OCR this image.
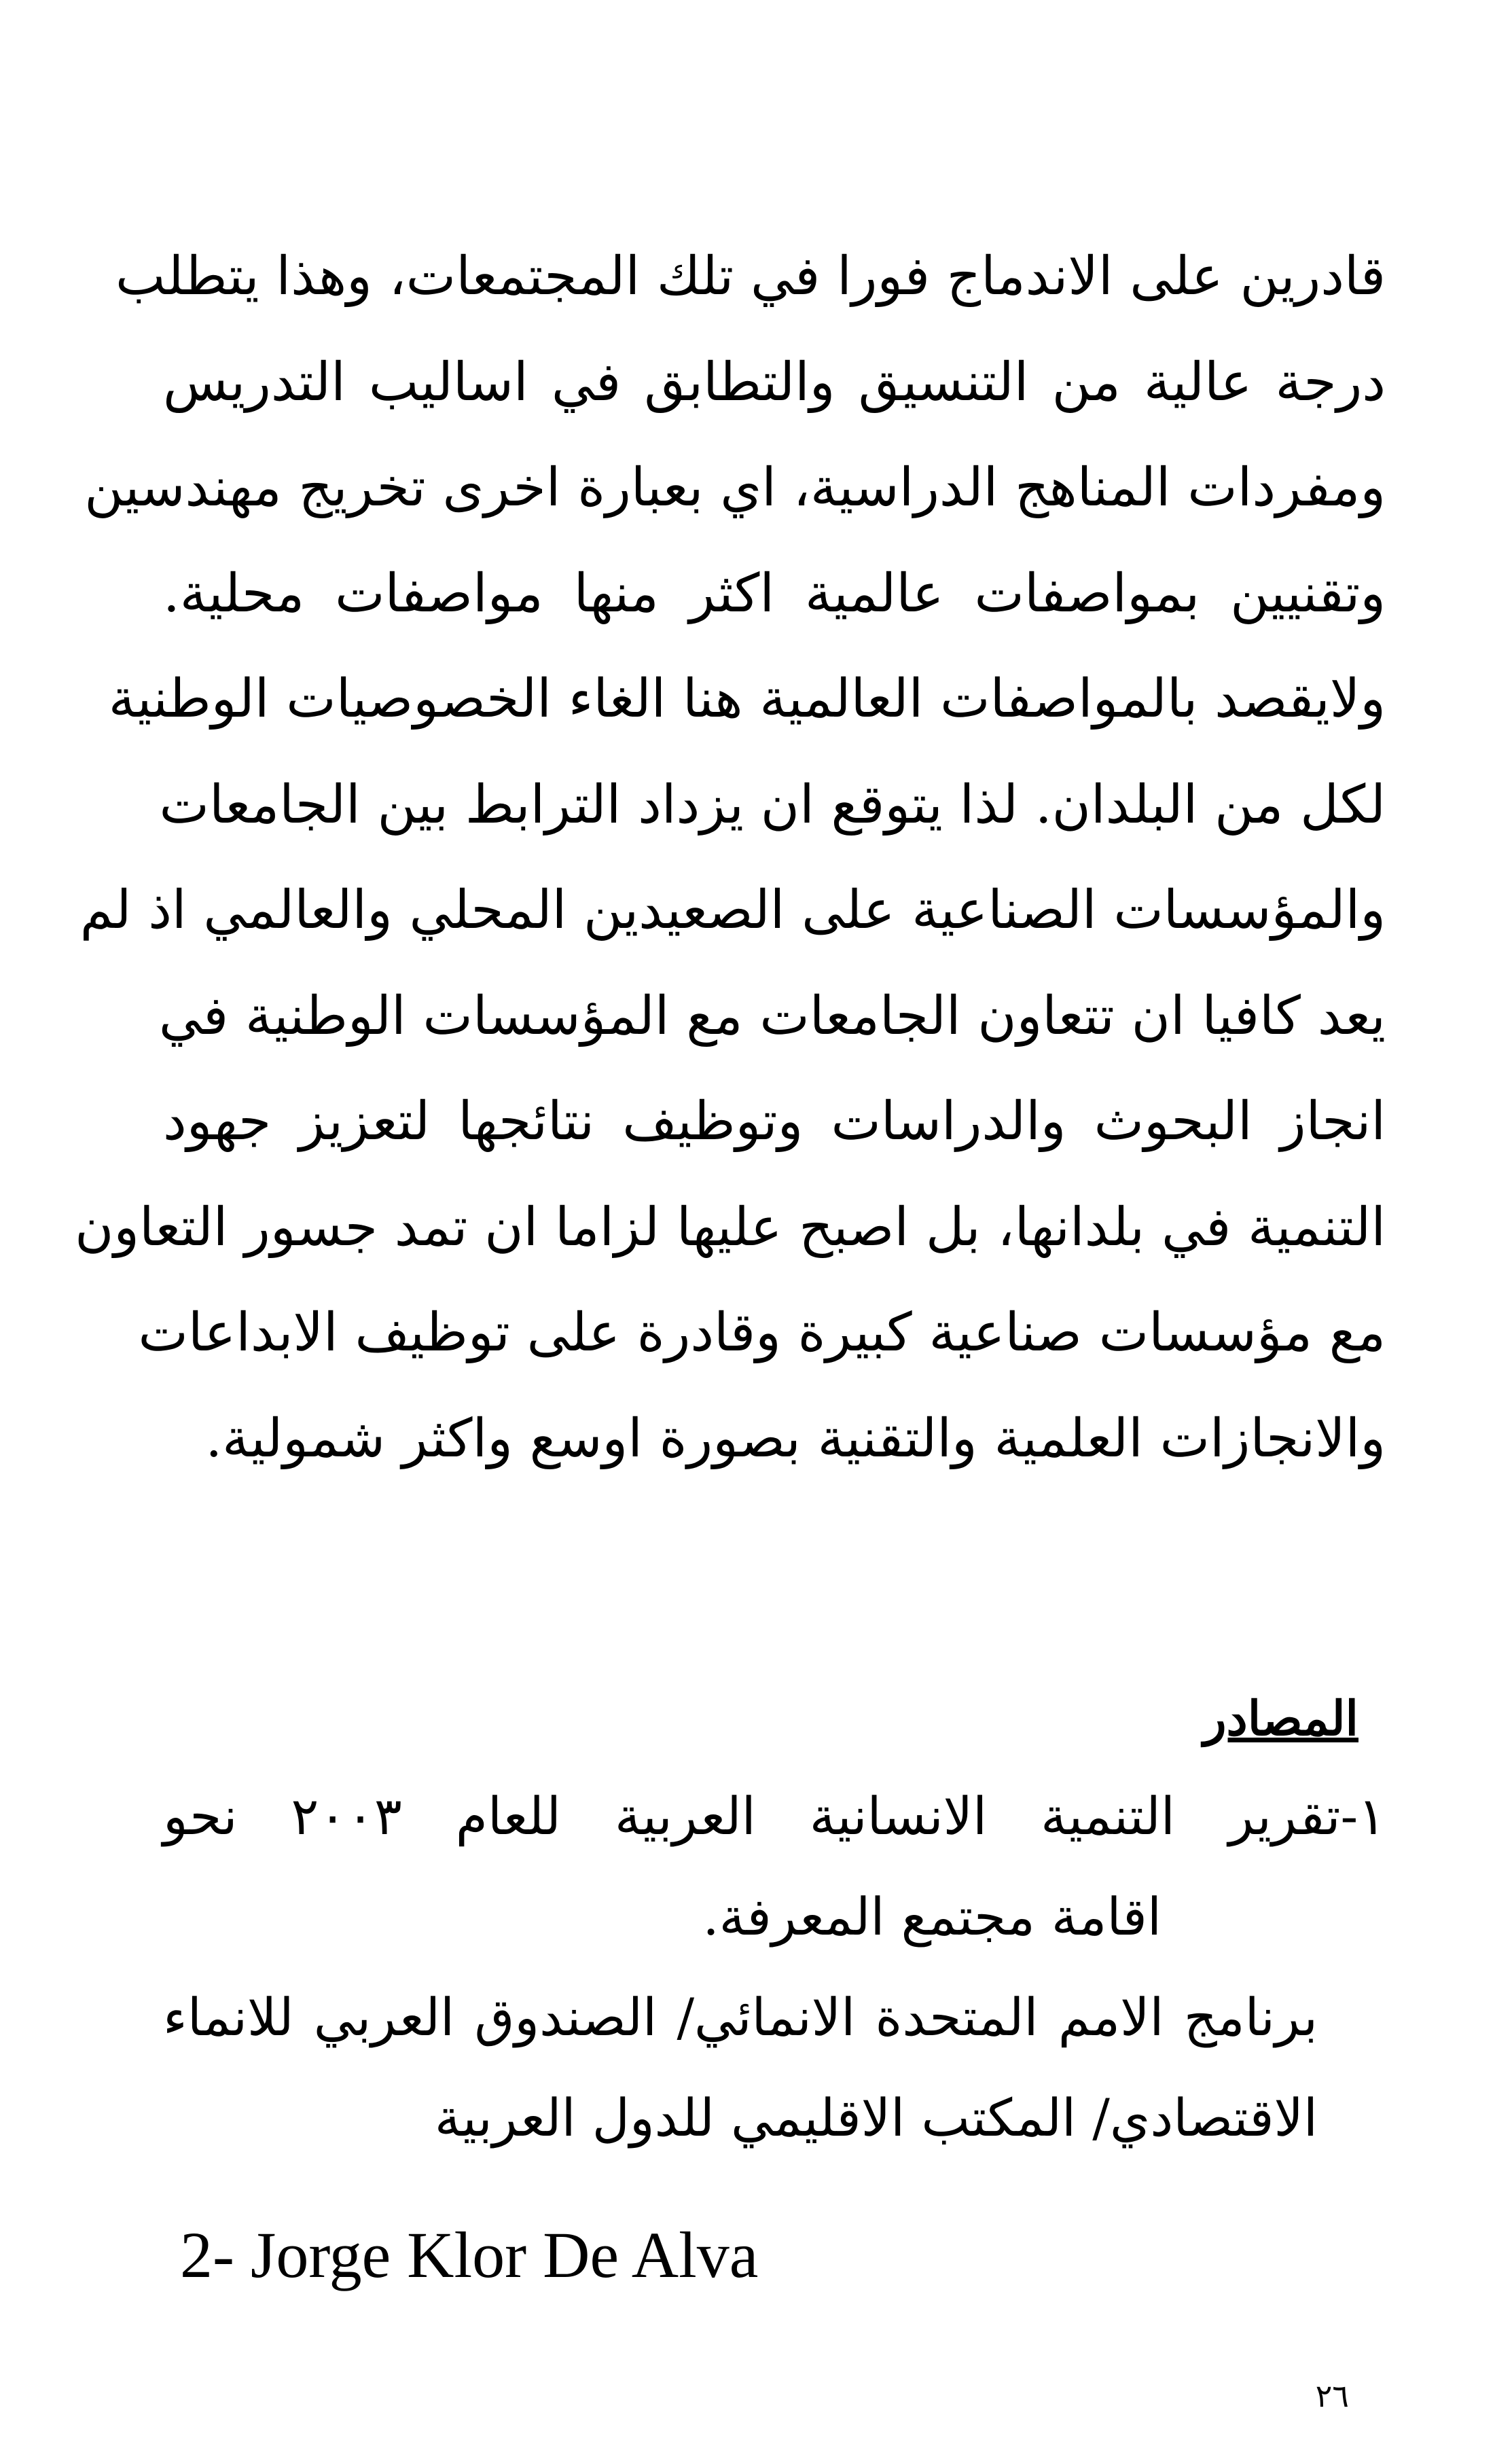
قادرين على الاندماج فورا في تلك المجتمعات، وهذا يتطلب
درجة عالية من التنسيق والتطابق في اساليب التدريس
ومفردات المناهج الدراسية، اي بعبارة اخرى تخريج مهندسين
وتقنيين بمواصفات عالمية اكثر منها مواصفات محلية.
ولايقصد بالمواصفات العالمية هنا الغاء الخصوصيات الوطنية
لكل من البلدان. لذا يتوقع ان يزداد الترابط بين الجامعات
والمؤسسات الصناعية على الصعيدين المحلي والعالمي اذ لم
يعد كافيا ان تتعاون الجامعات مع المؤسسات الوطنية في
انجاز البحوث والدراسات وتوظيف نتائجها لتعزيز جهود
التنمية في بلدانها، بل اصبح عليها لزاما ان تمد جسور التعاون
مع مؤسسات صناعية كبيرة وقادرة على توظيف الابداعات
والانجازات العلمية والتقنية بصورة اوسع واكثر شمولية.
المصادر
١-تقرير التنمية الانسانية العربية للعام ٢٠٠٣ نحو
اقامة مجتمع المعرفة.
برنامج الامم المتحدة الانمائي/ الصندوق العربي للانماء
الاقتصادي/ المكتب الاقليمي للدول العربية
2- Jorge Klor De Alva
٢٦
